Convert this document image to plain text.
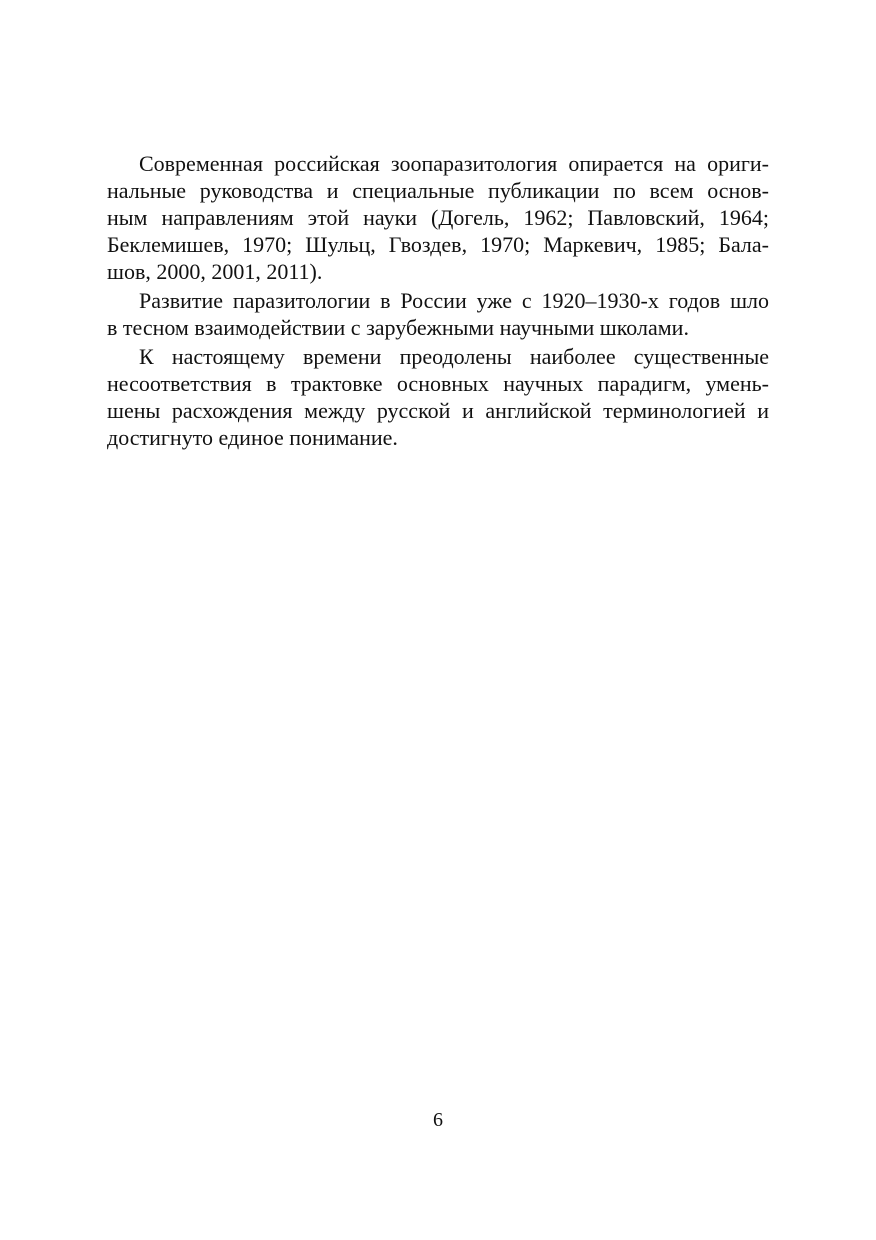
Современная российская зоопаразитология опирается на ориги-
нальные руководства и специальные публикации по всем основ-
ным направлениям этой науки (Догель, 1962; Павловский, 1964;
Беклемишев, 1970; Шульц, Гвоздев, 1970; Маркевич, 1985; Бала-
шов, 2000, 2001, 2011).
Развитие паразитологии в России уже с 1920–1930-х годов шло
в тесном взаимодействии с зарубежными научными школами.
К настоящему времени преодолены наиболее существенные
несоответствия в трактовке основных научных парадигм, умень-
шены расхождения между русской и английской терминологией и
достигнуто единое понимание.
6
